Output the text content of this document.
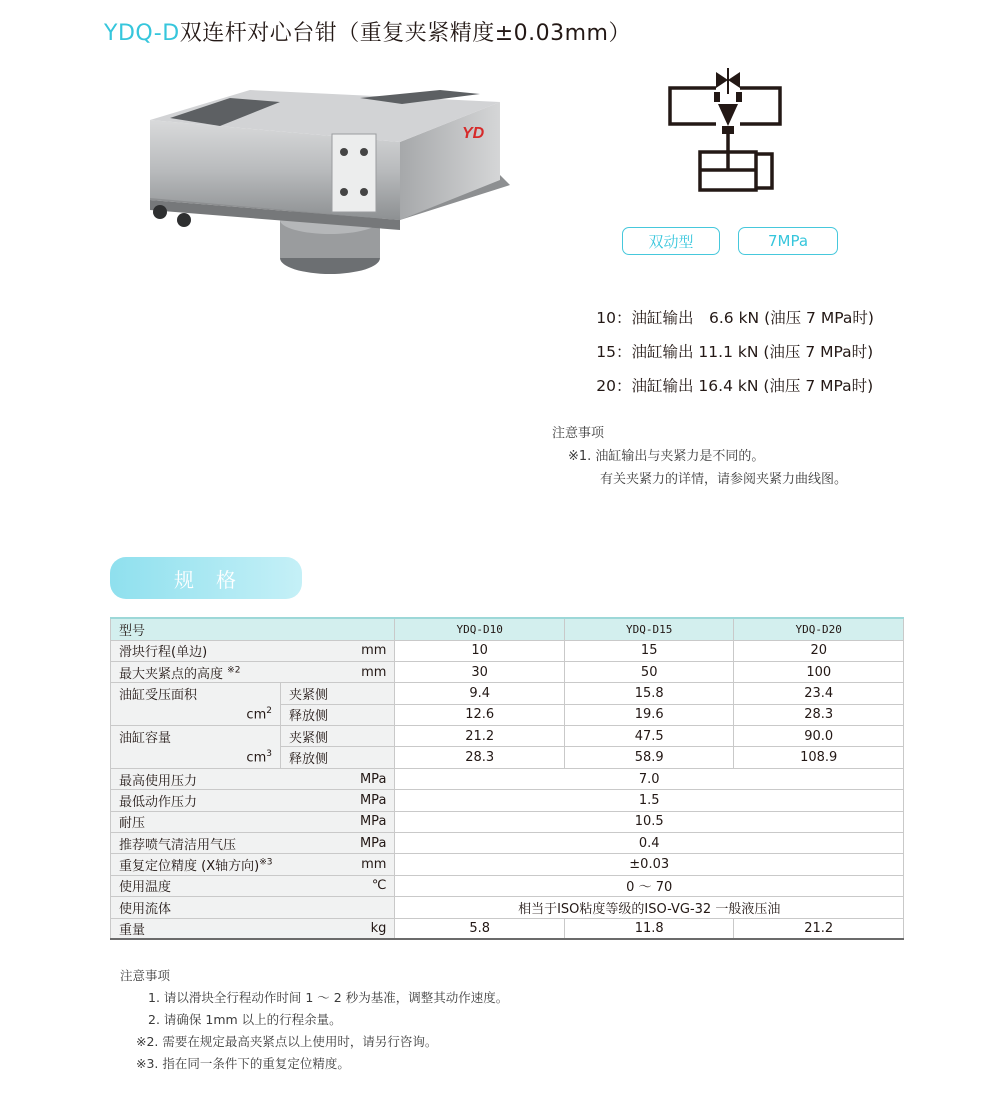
YDQ-D双连杆对心台钳（重复夹紧精度±0.03mm）
YD
双动型	7MPa
10：油缸输出　6.6 kN (油压 7 MPa时)
15：油缸输出 11.1 kN (油压 7 MPa时)
20：油缸输出 16.4 kN (油压 7 MPa时)
注意事项
※1. 油缸输出与夹紧力是不同的。
有关夹紧力的详情，请参阅夹紧力曲线图。
规格
型号		YDQ-D10	YDQ-D15	YDQ-D20
滑块行程(单边)	mm	10	15	20
最大夹紧点的高度 $^{※2}$	mm	30	50	100
油缸受压面积	夹紧侧	9.4	15.8	23.4
$cm^2$	释放侧	12.6	19.6	28.3
油缸容量	夹紧侧	21.2	47.5	90.0
$cm^3$	释放侧	28.3	58.9	108.9
最高使用压力	MPa	7.0		
最低动作压力	MPa	1.5		
耐压	MPa	10.5		
推荐喷气清洁用气压	MPa	0.4		
重复定位精度 (X轴方向)$^{※3}$	mm	±0.03		
使用温度	℃	0 ～ 70		
使用流体		相当于ISO粘度等级的ISO-VG-32 一般液压油		
重量	kg	5.8	11.8	21.2
注意事项
1. 请以滑块全行程动作时间 1 ～ 2 秒为基准，调整其动作速度。
2. 请确保 1mm 以上的行程余量。
※2. 需要在规定最高夹紧点以上使用时，请另行咨询。
※3. 指在同一条件下的重复定位精度。
